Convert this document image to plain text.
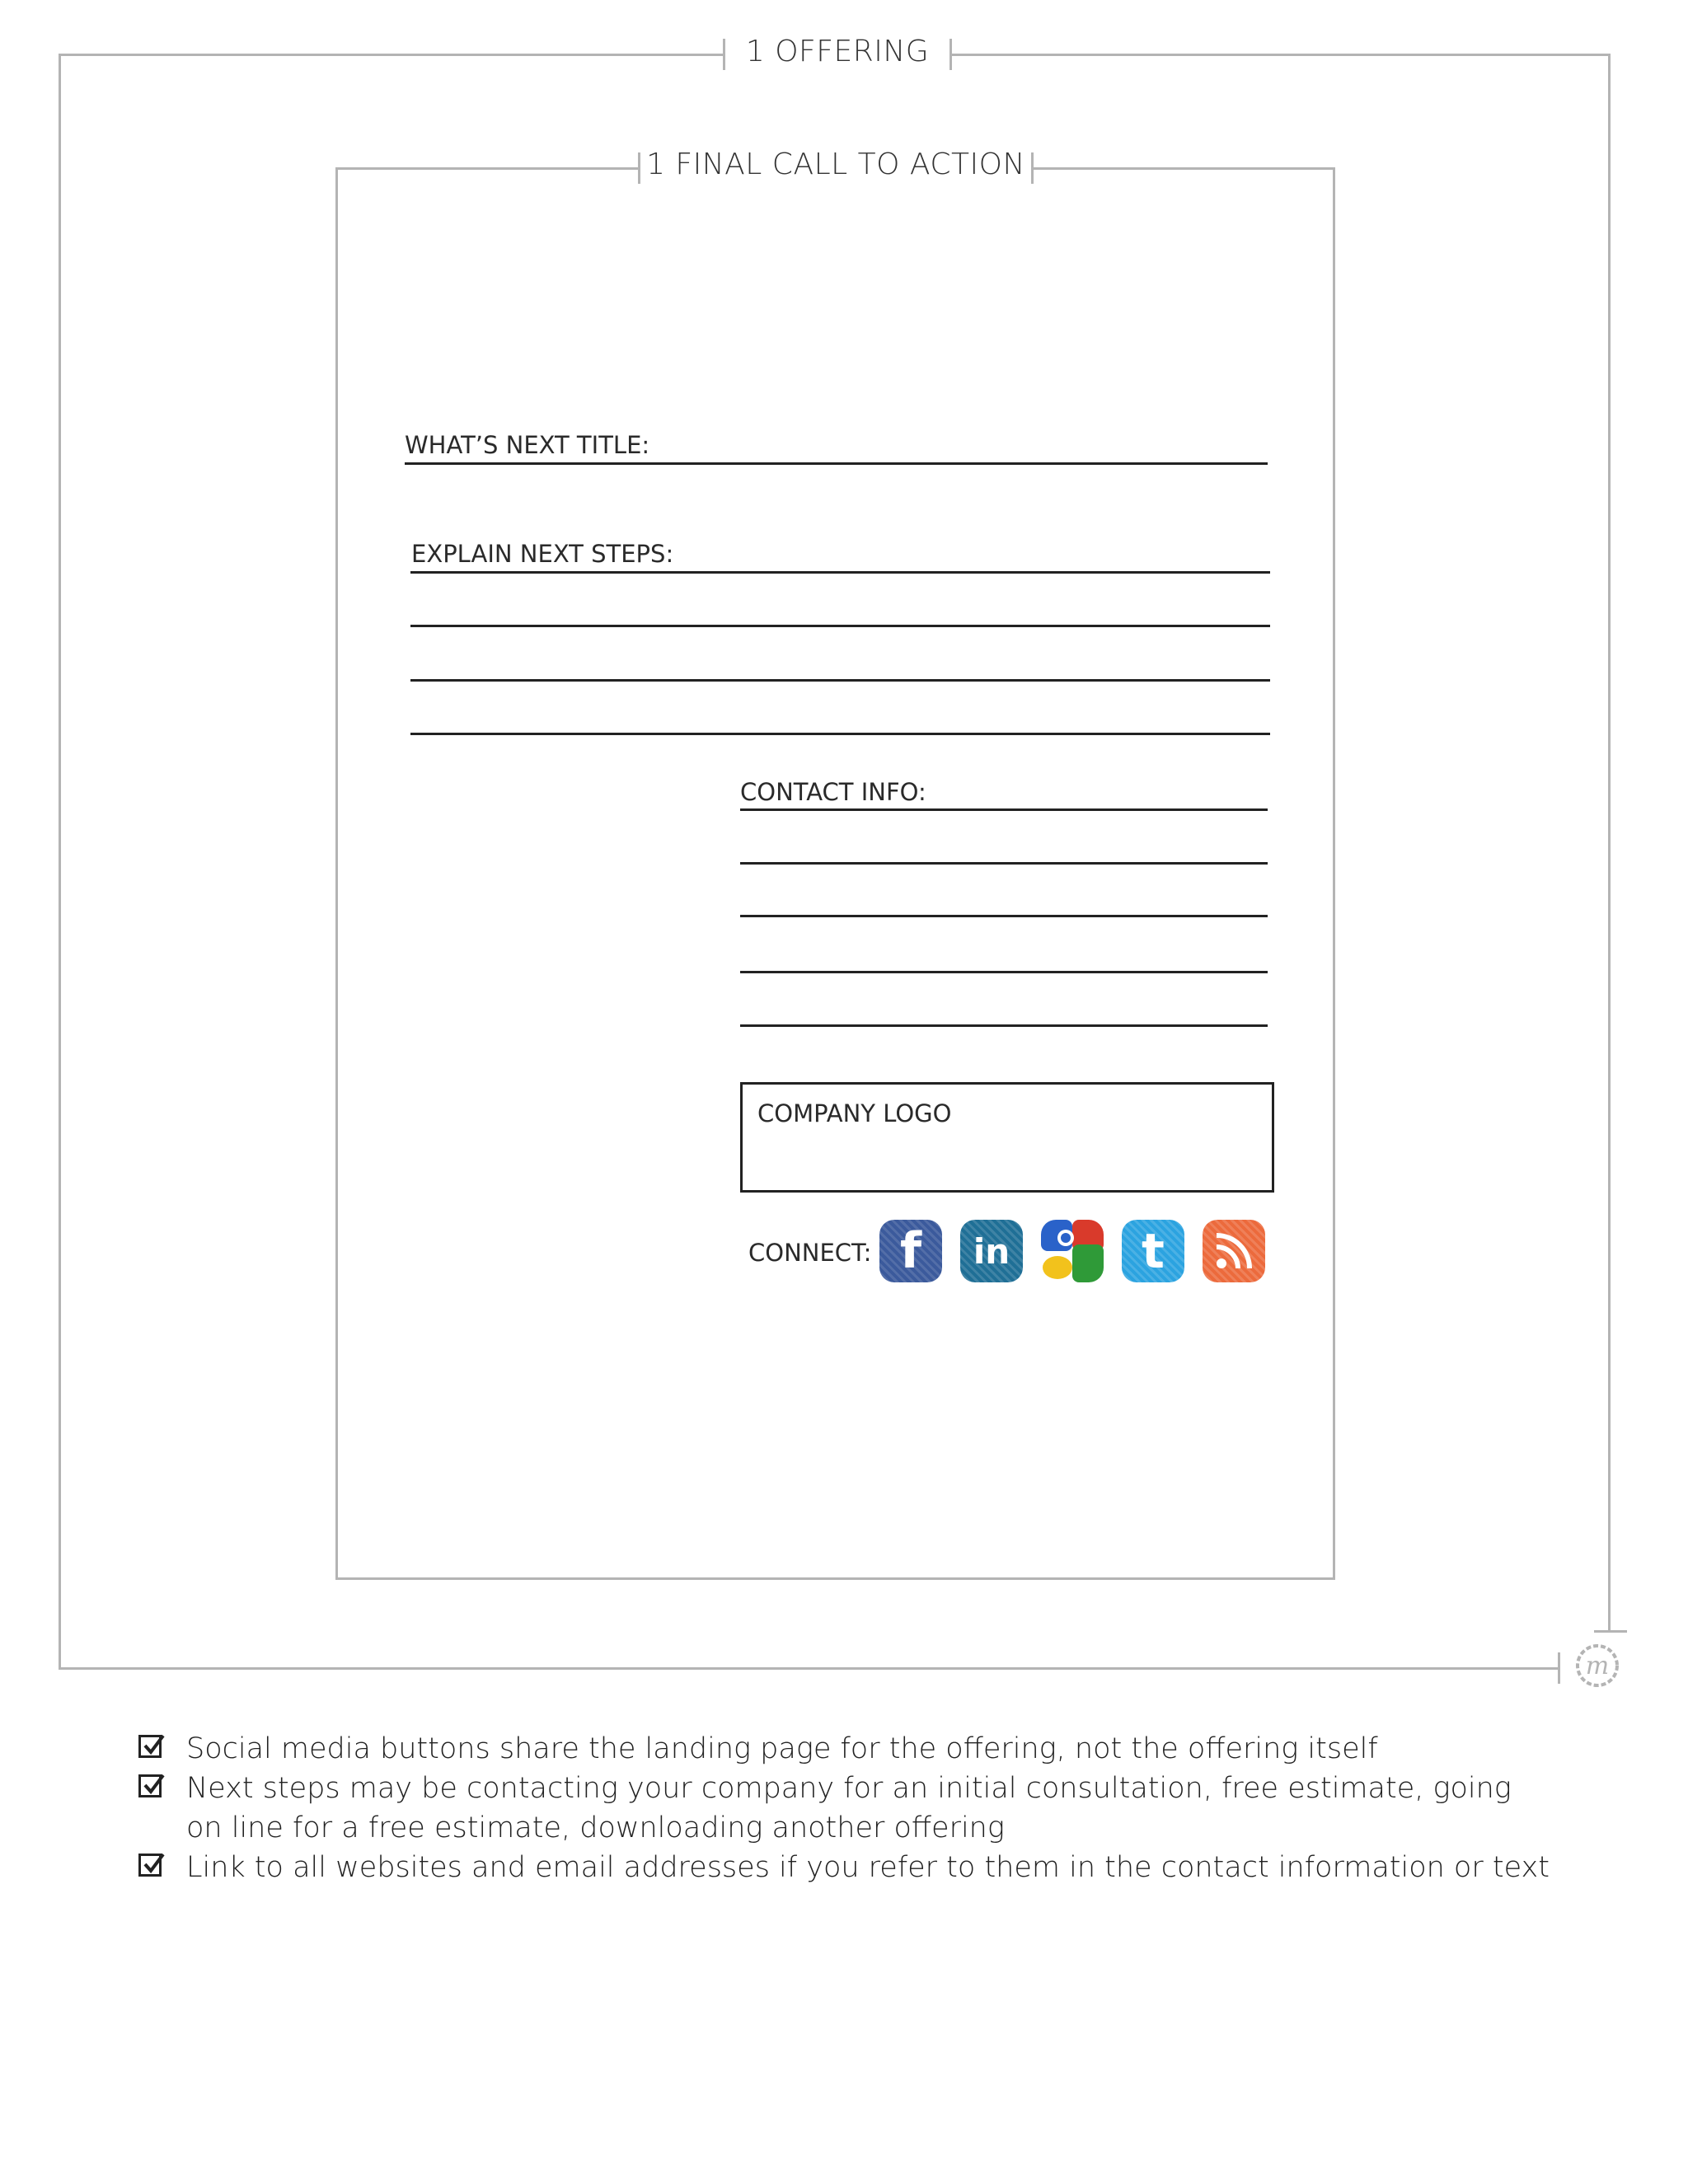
1 OFFERING
m
1 FINAL CALL TO ACTION
WHAT’S NEXT TITLE:
EXPLAIN NEXT STEPS:
CONTACT INFO:
COMPANY LOGO
CONNECT: f in	t
Social media buttons share the landing page for the offering, not the offering itself
Next steps may be contacting your company for an initial consultation, free estimate, going on line for a free estimate, downloading another offering
Link to all websites and email addresses if you refer to them in the contact information or text
